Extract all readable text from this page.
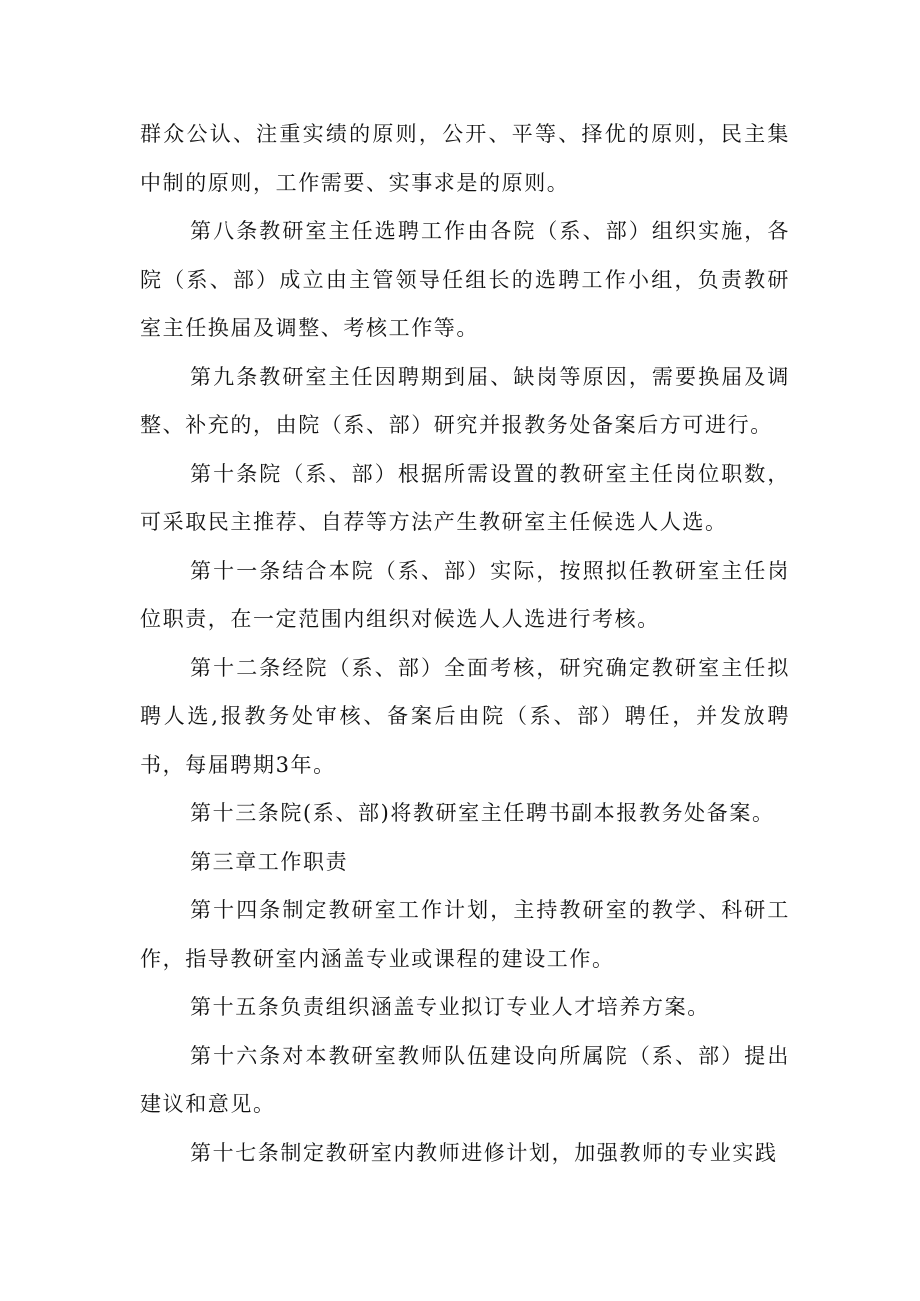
群众公认、注重实绩的原则，公开、平等、择优的原则，民主集中制的原则，工作需要、实事求是的原则。

第八条教研室主任选聘工作由各院（系、部）组织实施，各院（系、部）成立由主管领导任组长的选聘工作小组，负责教研室主任换届及调整、考核工作等。

第九条教研室主任因聘期到届、缺岗等原因，需要换届及调整、补充的，由院（系、部）研究并报教务处备案后方可进行。

第十条院（系、部）根据所需设置的教研室主任岗位职数，可采取民主推荐、自荐等方法产生教研室主任候选人人选。

第十一条结合本院（系、部）实际，按照拟任教研室主任岗位职责，在一定范围内组织对候选人人选进行考核。

第十二条经院（系、部）全面考核，研究确定教研室主任拟聘人选,报教务处审核、备案后由院（系、部）聘任，并发放聘书，每届聘期3年。

第十三条院(系、部)将教研室主任聘书副本报教务处备案。

第三章工作职责

第十四条制定教研室工作计划，主持教研室的教学、科研工作，指导教研室内涵盖专业或课程的建设工作。

第十五条负责组织涵盖专业拟订专业人才培养方案。

第十六条对本教研室教师队伍建设向所属院（系、部）提出建议和意见。

第十七条制定教研室内教师进修计划，加强教师的专业实践
